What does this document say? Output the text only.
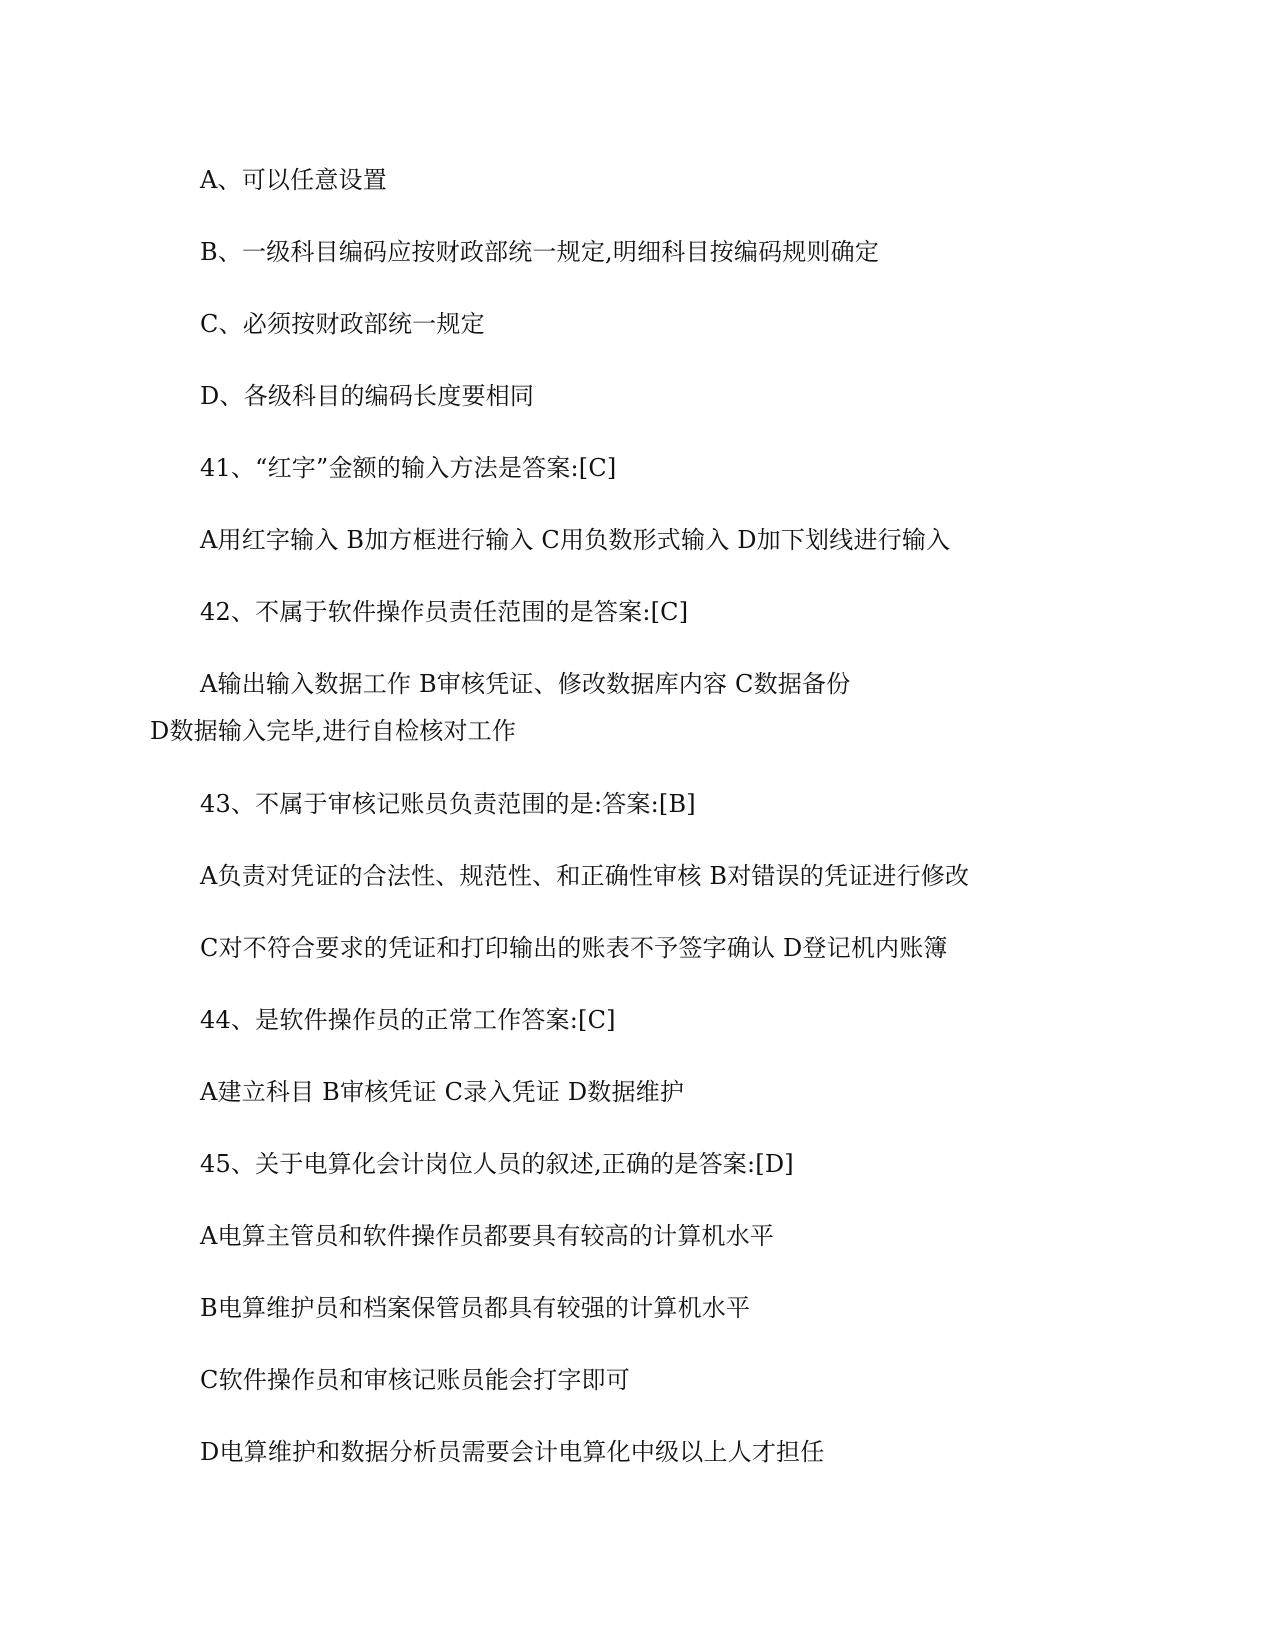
A、可以任意设置
B、一级科目编码应按财政部统一规定,明细科目按编码规则确定
C、必须按财政部统一规定
D、各级科目的编码长度要相同
41、“红字”金额的输入方法是答案:[C]
A用红字输入 B加方框进行输入 C用负数形式输入 D加下划线进行输入
42、不属于软件操作员责任范围的是答案:[C]
A输出输入数据工作 B审核凭证、修改数据库内容 C数据备份
D数据输入完毕,进行自检核对工作
43、不属于审核记账员负责范围的是:答案:[B]
A负责对凭证的合法性、规范性、和正确性审核 B对错误的凭证进行修改
C对不符合要求的凭证和打印输出的账表不予签字确认 D登记机内账簿
44、是软件操作员的正常工作答案:[C]
A建立科目 B审核凭证 C录入凭证 D数据维护
45、关于电算化会计岗位人员的叙述,正确的是答案:[D]
A电算主管员和软件操作员都要具有较高的计算机水平
B电算维护员和档案保管员都具有较强的计算机水平
C软件操作员和审核记账员能会打字即可
D电算维护和数据分析员需要会计电算化中级以上人才担任
